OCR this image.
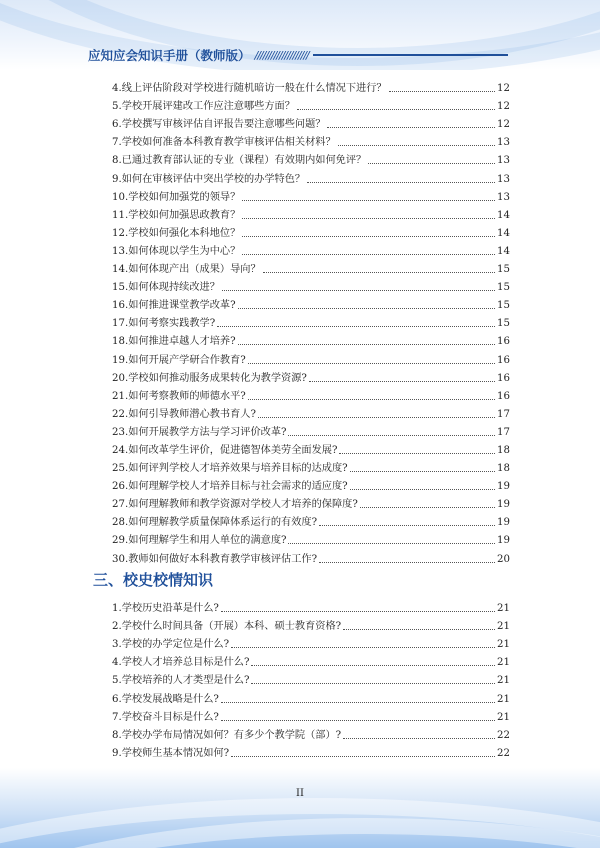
应知应会知识手册（教师版） ////////////////////
4.线上评估阶段对学校进行随机暗访一般在什么情况下进行？	12
5.学校开展评建改工作应注意哪些方面？	12
6.学校撰写审核评估自评报告要注意哪些问题？	12
7.学校如何准备本科教育教学审核评估相关材料？	13
8.已通过教育部认证的专业（课程）有效期内如何免评？	13
9.如何在审核评估中突出学校的办学特色？	13
10.学校如何加强党的领导？	13
11.学校如何加强思政教育？	14
12.学校如何强化本科地位？	14
13.如何体现以学生为中心？	14
14.如何体现产出（成果）导向？	15
15.如何体现持续改进？	15
16.如何推进课堂教学改革?	15
17.如何考察实践教学?	15
18.如何推进卓越人才培养?	16
19.如何开展产学研合作教育?	16
20.学校如何推动服务成果转化为教学资源?	16
21.如何考察教师的师德水平?	16
22.如何引导教师潜心教书育人?	17
23.如何开展教学方法与学习评价改革?	17
24.如何改革学生评价，促进德智体美劳全面发展?	18
25.如何评判学校人才培养效果与培养目标的达成度?	18
26.如何理解学校人才培养目标与社会需求的适应度?	19
27.如何理解教师和教学资源对学校人才培养的保障度?	19
28.如何理解教学质量保障体系运行的有效度?	19
29.如何理解学生和用人单位的满意度?	19
30.教师如何做好本科教育教学审核评估工作?	20
三、校史校情知识
1.学校历史沿革是什么?	21
2.学校什么时间具备（开展）本科、硕士教育资格?	21
3.学校的办学定位是什么?	21
4.学校人才培养总目标是什么?	21
5.学校培养的人才类型是什么?	21
6.学校发展战略是什么?	21
7.学校奋斗目标是什么?	21
8.学校办学布局情况如何？有多少个教学院（部）?	22
9.学校师生基本情况如何?	22
II
